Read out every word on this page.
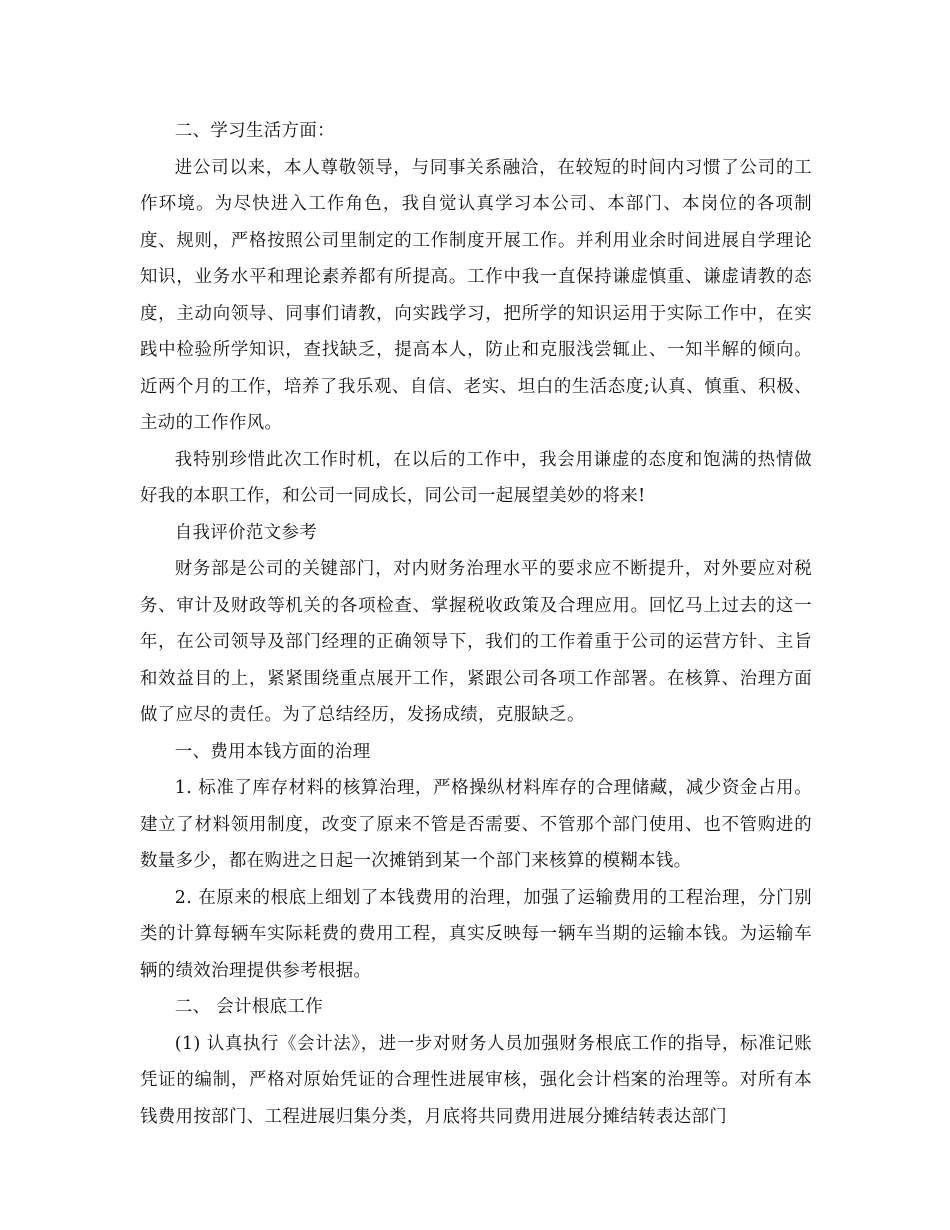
二、学习生活方面：

进公司以来，本人尊敬领导，与同事关系融洽，在较短的时间内习惯了公司的工作环境。为尽快进入工作角色，我自觉认真学习本公司、本部门、本岗位的各项制度、规则，严格按照公司里制定的工作制度开展工作。并利用业余时间进展自学理论知识，业务水平和理论素养都有所提高。工作中我一直保持谦虚慎重、谦虚请教的态度，主动向领导、同事们请教，向实践学习，把所学的知识运用于实际工作中，在实践中检验所学知识，查找缺乏，提高本人，防止和克服浅尝辄止、一知半解的倾向。近两个月的工作，培养了我乐观、自信、老实、坦白的生活态度;认真、慎重、积极、主动的工作作风。

我特别珍惜此次工作时机，在以后的工作中，我会用谦虚的态度和饱满的热情做好我的本职工作，和公司一同成长，同公司一起展望美妙的将来!

自我评价范文参考

财务部是公司的关键部门，对内财务治理水平的要求应不断提升，对外要应对税务、审计及财政等机关的各项检查、掌握税收政策及合理应用。回忆马上过去的这一年，在公司领导及部门经理的正确领导下，我们的工作着重于公司的运营方针、主旨和效益目的上，紧紧围绕重点展开工作，紧跟公司各项工作部署。在核算、治理方面做了应尽的责任。为了总结经历，发扬成绩，克服缺乏。

一、费用本钱方面的治理

1. 标准了库存材料的核算治理，严格操纵材料库存的合理储藏，减少资金占用。建立了材料领用制度，改变了原来不管是否需要、不管那个部门使用、也不管购进的数量多少，都在购进之日起一次摊销到某一个部门来核算的模糊本钱。

2. 在原来的根底上细划了本钱费用的治理，加强了运输费用的工程治理，分门别类的计算每辆车实际耗费的费用工程，真实反映每一辆车当期的运输本钱。为运输车辆的绩效治理提供参考根据。

二、 会计根底工作

(1) 认真执行《会计法》，进一步对财务人员加强财务根底工作的指导，标准记账凭证的编制，严格对原始凭证的合理性进展审核，强化会计档案的治理等。对所有本钱费用按部门、工程进展归集分类，月底将共同费用进展分摊结转表达部门
